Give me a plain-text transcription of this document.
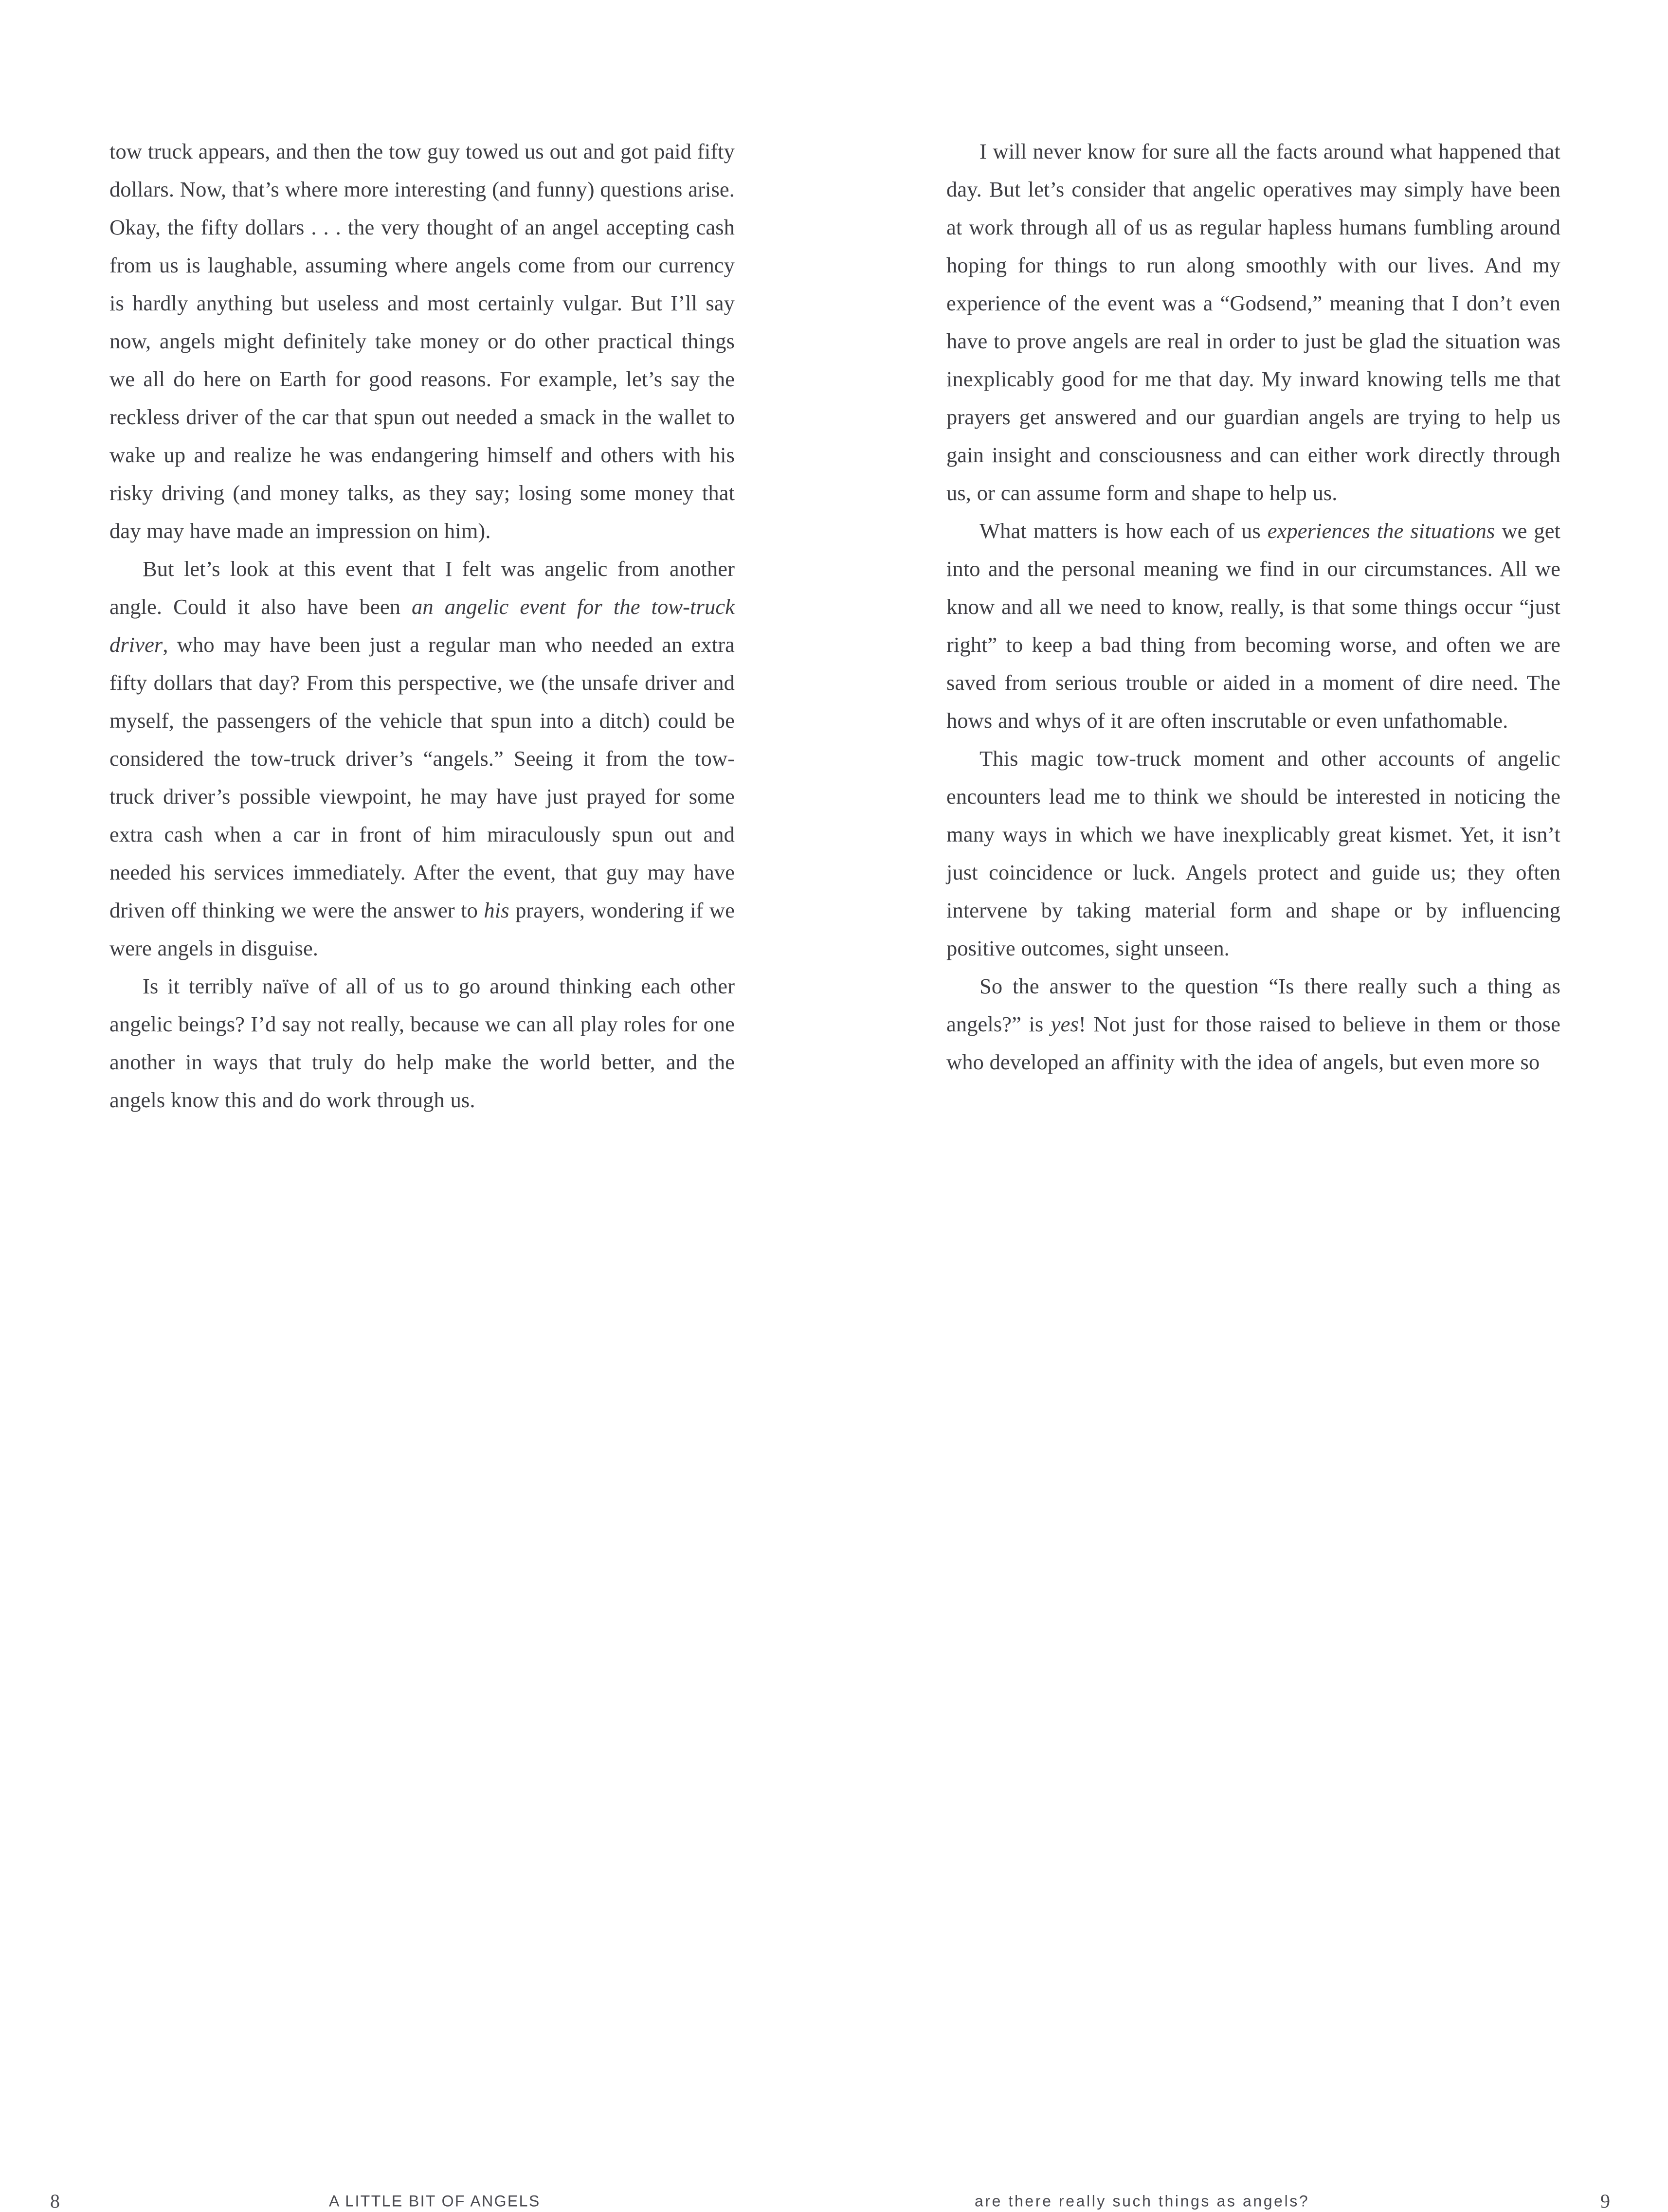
tow truck appears, and then the tow guy towed us out and got paid fifty dollars. Now, that’s where more interesting (and funny) questions arise. Okay, the fifty dollars . . . the very thought of an angel accepting cash from us is laughable, assuming where angels come from our currency is hardly anything but useless and most certainly vulgar. But I’ll say now, angels might definitely take money or do other practical things we all do here on Earth for good reasons. For example, let’s say the reckless driver of the car that spun out needed a smack in the wallet to wake up and realize he was endangering himself and others with his risky driving (and money talks, as they say; losing some money that day may have made an impression on him).

But let’s look at this event that I felt was angelic from another angle. Could it also have been an angelic event for the tow-truck driver, who may have been just a regular man who needed an extra fifty dollars that day? From this perspective, we (the unsafe driver and myself, the passengers of the vehicle that spun into a ditch) could be considered the tow-truck driver’s “angels.” Seeing it from the tow-truck driver’s possible viewpoint, he may have just prayed for some extra cash when a car in front of him miraculously spun out and needed his services immediately. After the event, that guy may have driven off thinking we were the answer to his prayers, wondering if we were angels in disguise.

Is it terribly naïve of all of us to go around thinking each other angelic beings? I’d say not really, because we can all play roles for one another in ways that truly do help make the world better, and the angels know this and do work through us.

8	A LITTLE BIT OF ANGELS

I will never know for sure all the facts around what happened that day. But let’s consider that angelic operatives may simply have been at work through all of us as regular hapless humans fumbling around hoping for things to run along smoothly with our lives. And my experience of the event was a “Godsend,” meaning that I don’t even have to prove angels are real in order to just be glad the situation was inexplicably good for me that day. My inward knowing tells me that prayers get answered and our guardian angels are trying to help us gain insight and consciousness and can either work directly through us, or can assume form and shape to help us.

What matters is how each of us experiences the situations we get into and the personal meaning we find in our circumstances. All we know and all we need to know, really, is that some things occur “just right” to keep a bad thing from becoming worse, and often we are saved from serious trouble or aided in a moment of dire need. The hows and whys of it are often inscrutable or even unfathomable.

This magic tow-truck moment and other accounts of angelic encounters lead me to think we should be interested in noticing the many ways in which we have inexplicably great kismet. Yet, it isn’t just coincidence or luck. Angels protect and guide us; they often intervene by taking material form and shape or by influencing positive outcomes, sight unseen.

So the answer to the question “Is there really such a thing as angels?” is yes! Not just for those raised to believe in them or those who developed an affinity with the idea of angels, but even more so

are there really such things as angels?	9
